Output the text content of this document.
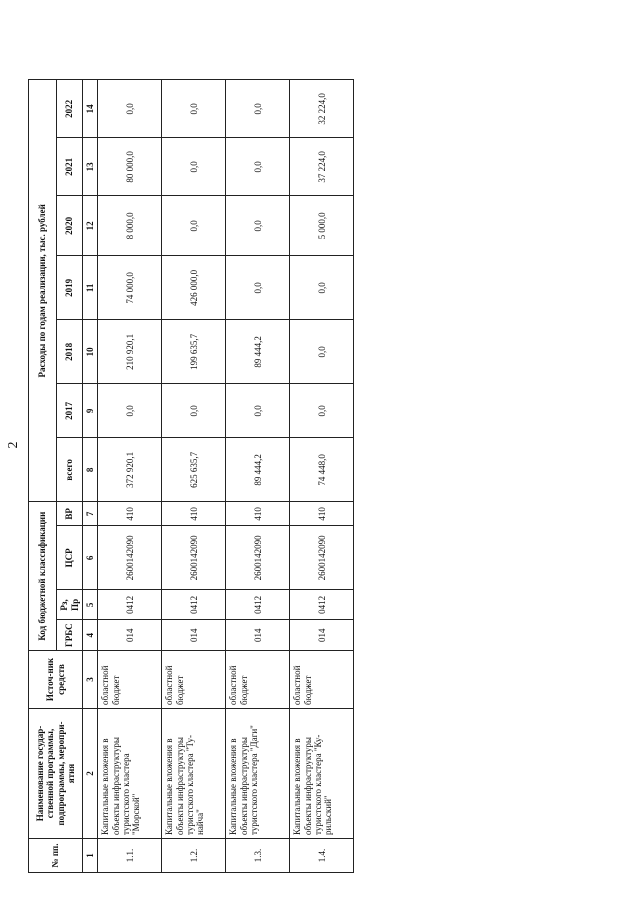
2
№ пп.	Наименование государ-ственной программы, подпрограммы, меропри-ятия	Источ-ник средств	Код бюджетной классификации				Расходы по годам реализации, тыс. рублей						
			ГРБС	Рз, Пр	ЦСР	ВР	всего	2017	2018	2019	2020	2021	2022
1	2	3	4	5	6	7	8	9	10	11	12	13	14
1.1.	Капитальные вложения в объекты инфраструктуры туристского кластера "Морской"	областной бюджет	014	0412	2600142090	410	372 920,1	0,0	210 920,1	74 000,0	8 000,0	80 000,0	0,0
1.2.	Капитальные вложения в объекты инфраструктуры туристского кластера "Ту-найча"	областной бюджет	014	0412	2600142090	410	625 635,7	0,0	199 635,7	426 000,0	0,0	0,0	0,0
1.3.	Капитальные вложения в объекты инфраструктуры туристского кластера "Даги"	областной бюджет	014	0412	2600142090	410	89 444,2	0,0	89 444,2	0,0	0,0	0,0	0,0
1.4.	Капитальные вложения в объекты инфраструктуры туристского кластера "Ку-рильский"	областной бюджет	014	0412	2600142090	410	74 448,0	0,0	0,0	0,0	5 000,0	37 224,0	32 224,0
